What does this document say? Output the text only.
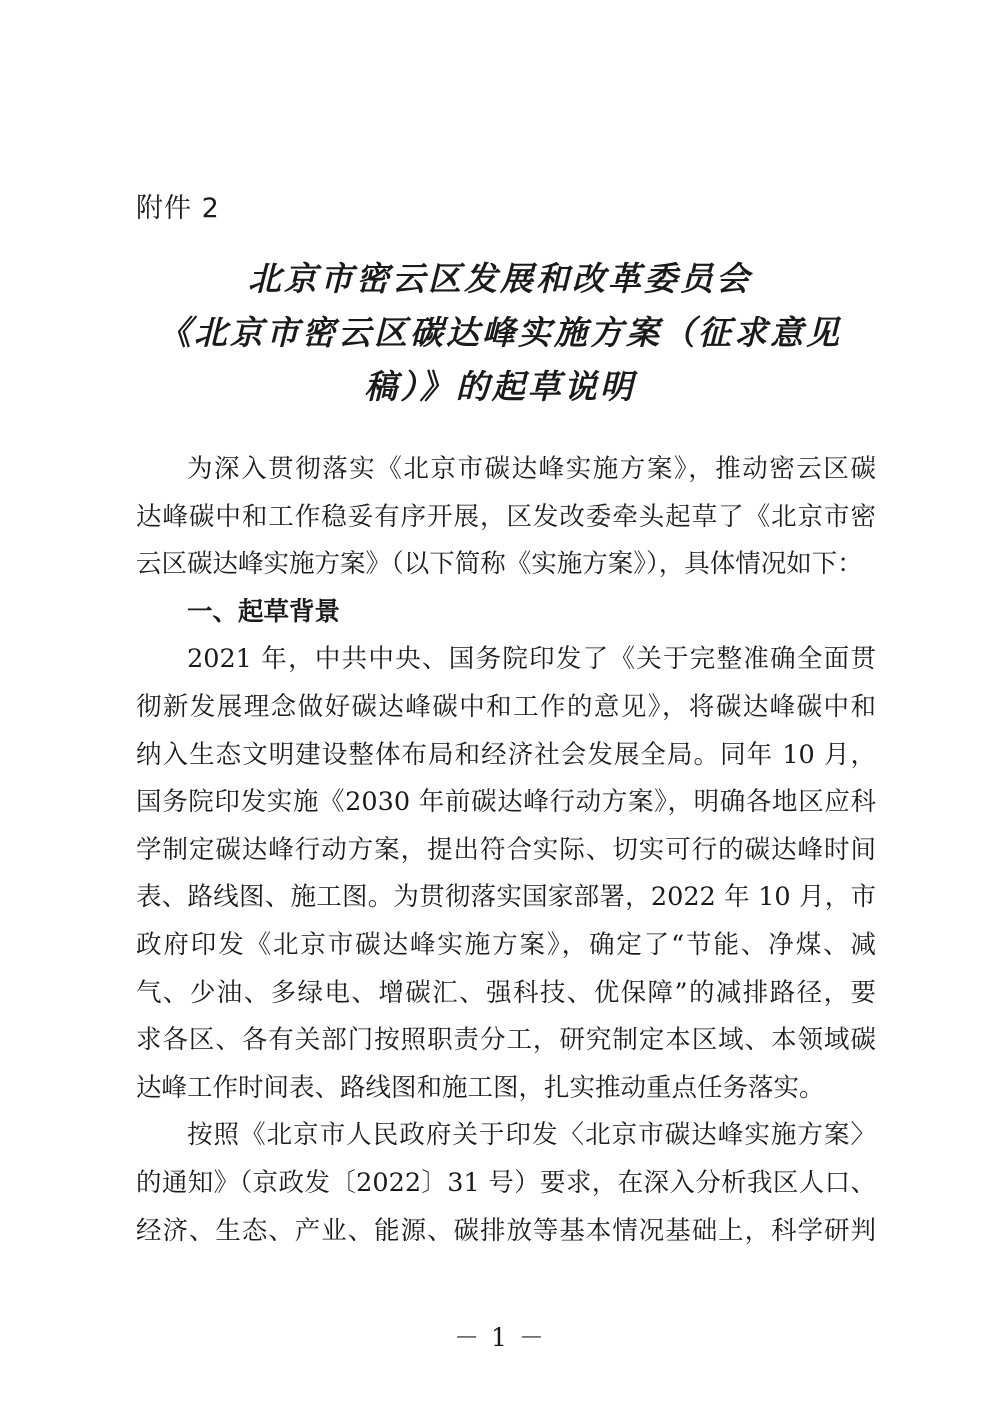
附件 2
北京市密云区发展和改革委员会
《北京市密云区碳达峰实施方案（征求意见
稿）》的起草说明
为深入贯彻落实《北京市碳达峰实施方案》，推动密云区碳
达峰碳中和工作稳妥有序开展，区发改委牵头起草了《北京市密
云区碳达峰实施方案》（以下简称《实施方案》），具体情况如下：
一、起草背景
2021 年，中共中央、国务院印发了《关于完整准确全面贯
彻新发展理念做好碳达峰碳中和工作的意见》，将碳达峰碳中和
纳入生态文明建设整体布局和经济社会发展全局。同年 10 月，
国务院印发实施《2030 年前碳达峰行动方案》，明确各地区应科
学制定碳达峰行动方案，提出符合实际、切实可行的碳达峰时间
表、路线图、施工图。为贯彻落实国家部署，2022 年 10 月，市
政府印发《北京市碳达峰实施方案》，确定了“节能、净煤、减
气、少油、多绿电、增碳汇、强科技、优保障”的减排路径，要
求各区、各有关部门按照职责分工，研究制定本区域、本领域碳
达峰工作时间表、路线图和施工图，扎实推动重点任务落实。
按照《北京市人民政府关于印发〈北京市碳达峰实施方案〉
的通知》（京政发〔2022〕31 号）要求，在深入分析我区人口、
经济、生态、产业、能源、碳排放等基本情况基础上，科学研判
－ 1 －
